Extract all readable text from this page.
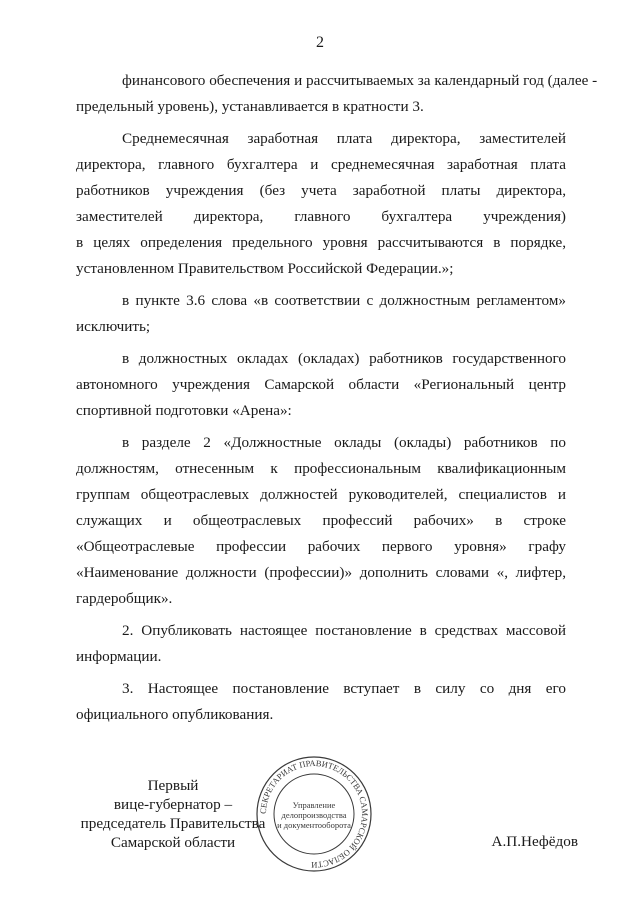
2
финансового обеспечения и рассчитываемых за календарный год (далее -
предельный уровень), устанавливается в кратности 3.
Среднемесячная заработная плата директора, заместителей
директора, главного бухгалтера и среднемесячная заработная плата
работников учреждения (без учета заработной платы директора,
заместителей директора, главного бухгалтера учреждения)
в целях определения предельного уровня рассчитываются в порядке,
установленном Правительством Российской Федерации.»;
в пункте 3.6 слова «в соответствии с должностным регламентом»
исключить;
в должностных окладах (окладах) работников государственного
автономного учреждения Самарской области «Региональный центр
спортивной подготовки «Арена»:
в разделе 2 «Должностные оклады (оклады) работников по
должностям, отнесенным к профессиональным квалификационным
группам общеотраслевых должностей руководителей, специалистов и
служащих и общеотраслевых профессий рабочих» в строке
«Общеотраслевые профессии рабочих первого уровня» графу
«Наименование должности (профессии)» дополнить словами «, лифтер,
гардеробщик».
2. Опубликовать настоящее постановление в средствах массовой
информации.
3. Настоящее постановление вступает в силу со дня его
официального опубликования.
СЕКРЕТАРИАТ ПРАВИТЕЛЬСТВА САМАРСКОЙ ОБЛАСТИ
Управление
делопроизводства
и документооборота
Первый
вице-губернатор –
председатель Правительства
Самарской области	А.П.Нефёдов
